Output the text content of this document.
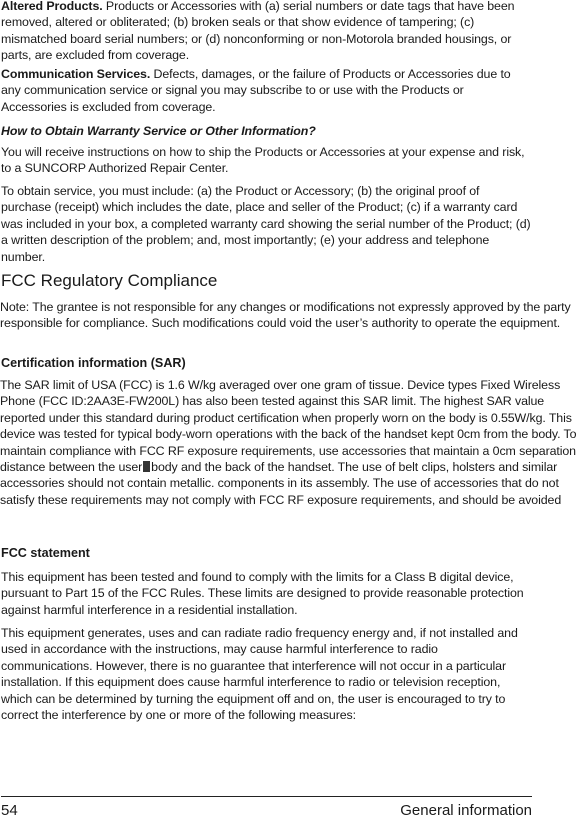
Altered Products. Products or Accessories with (a) serial numbers or date tags that have been removed, altered or obliterated; (b) broken seals or that show evidence of tampering; (c) mismatched board serial numbers; or (d) nonconforming or non-Motorola branded housings, or parts, are excluded from coverage.

Communication Services. Defects, damages, or the failure of Products or Accessories due to any communication service or signal you may subscribe to or use with the Products or Accessories is excluded from coverage.

How to Obtain Warranty Service or Other Information?

You will receive instructions on how to ship the Products or Accessories at your expense and risk, to a SUNCORP Authorized Repair Center.

To obtain service, you must include: (a) the Product or Accessory; (b) the original proof of purchase (receipt) which includes the date, place and seller of the Product; (c) if a warranty card was included in your box, a completed warranty card showing the serial number of the Product; (d) a written description of the problem; and, most importantly; (e) your address and telephone number.

FCC Regulatory Compliance

Note: The grantee is not responsible for any changes or modifications not expressly approved by the party responsible for compliance. Such modifications could void the user’s authority to operate the equipment.

Certification information (SAR)

The SAR limit of USA (FCC) is 1.6 W/kg averaged over one gram of tissue. Device types Fixed Wireless Phone (FCC ID:2AA3E-FW200L) has also been tested against this SAR limit. The highest SAR value reported under this standard during product certification when properly worn on the body is 0.55W/kg. This device was tested for typical body-worn operations with the back of the handset kept 0cm from the body. To maintain compliance with FCC RF exposure requirements, use accessories that maintain a 0cm separation distance between the user body and the back of the handset. The use of belt clips, holsters and similar accessories should not contain metallic. components in its assembly. The use of accessories that do not satisfy these requirements may not comply with FCC RF exposure requirements, and should be avoided

FCC statement

This equipment has been tested and found to comply with the limits for a Class B digital device, pursuant to Part 15 of the FCC Rules. These limits are designed to provide reasonable protection against harmful interference in a residential installation.

This equipment generates, uses and can radiate radio frequency energy and, if not installed and used in accordance with the instructions, may cause harmful interference to radio communications. However, there is no guarantee that interference will not occur in a particular installation. If this equipment does cause harmful interference to radio or television reception, which can be determined by turning the equipment off and on, the user is encouraged to try to correct the interference by one or more of the following measures:

54	General information
